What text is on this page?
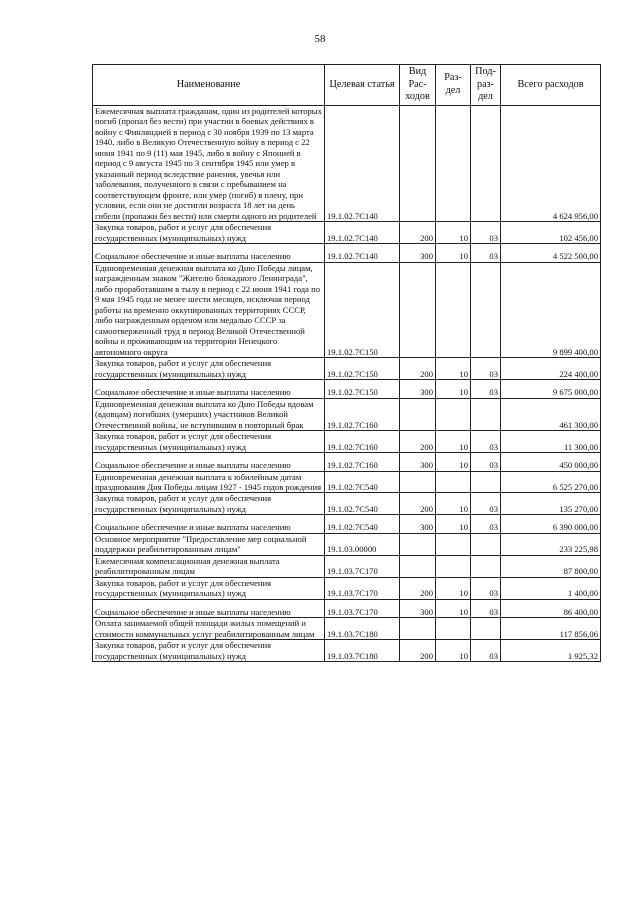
58
Наименование	Целевая статья	Вид Рас- ходов	Раз- дел	Под- раз- дел	Всего расходов
Ежемесячная выплата гражданам, один из родителей которых погиб (пропал без вести) при участии в боевых действиях в войну с Финляндией в период с 30 ноября 1939 по 13 марта 1940, либо в Великую Отечественную войну в период с 22 июня 1941 по 9 (11) мая 1945, либо в войну с Японией в период с 9 августа 1945 по 3 сентября 1945 или умер в указанный период вследствие ранения, увечья или заболевания, полученного в связи с пребыванием на соответствующем фронте, или умер (погиб) в плену, при условии, если они не достигли возраста 18 лет на день гибели (пропажи без вести) или смерти одного из родителей	19.1.02.7С140				4 624 956,00
Закупка товаров, работ и услуг для обеспечения государственных (муниципальных) нужд	19.1.02.7С140	200	10	03	102 456,00
Социальное обеспечение и иные выплаты населению	19.1.02.7С140	300	10	03	4 522 500,00
Единовременная денежная выплата ко Дню Победы лицам, награжденным знаком "Жителю блокадного Ленинграда", либо проработавшим в тылу в период с 22 июня 1941 года по 9 мая 1945 года не менее шести месяцев, исключая период работы на временно оккупированных территориях СССР, либо награжденным орденом или медалью СССР за самоотверженный труд в период Великой Отечественной войны и проживающим на территории Ненецкого автономного округа	19.1.02.7С150				9 899 400,00
Закупка товаров, работ и услуг для обеспечения государственных (муниципальных) нужд	19.1.02.7С150	200	10	03	224 400,00
Социальное обеспечение и иные выплаты населению	19.1.02.7С150	300	10	03	9 675 000,00
Единовременная денежная выплата ко Дню Победы вдовам (вдовцам) погибших (умерших) участников Великой Отечественной войны, не вступившим в повторный брак	19.1.02.7С160				461 300,00
Закупка товаров, работ и услуг для обеспечения государственных (муниципальных) нужд	19.1.02.7С160	200	10	03	11 300,00
Социальное обеспечение и иные выплаты населению	19.1.02.7С160	300	10	03	450 000,00
Единовременная денежная выплата к юбилейным датам празднования Дня Победы лицам 1927 - 1945 годов рождения	19.1.02.7С540				6 525 270,00
Закупка товаров, работ и услуг для обеспечения государственных (муниципальных) нужд	19.1.02.7С540	200	10	03	135 270,00
Социальное обеспечение и иные выплаты населению	19.1.02.7С540	300	10	03	6 390 000,00
Основное мероприятие "Предоставление мер социальной поддержки реабилитированным лицам"	19.1.03.00000				233 225,98
Ежемесячная компенсационная денежная выплата реабилитированным лицам	19.1.03.7С170				87 800,00
Закупка товаров, работ и услуг для обеспечения государственных (муниципальных) нужд	19.1.03.7С170	200	10	03	1 400,00
Социальное обеспечение и иные выплаты населению	19.1.03.7С170	300	10	03	86 400,00
Оплата занимаемой общей площади жилых помещений и стоимости коммунальных услуг реабилитированным лицам	19.1.03.7С180				117 856,06
Закупка товаров, работ и услуг для обеспечения государственных (муниципальных) нужд	19.1.03.7С180	200	10	03	1 925,32
